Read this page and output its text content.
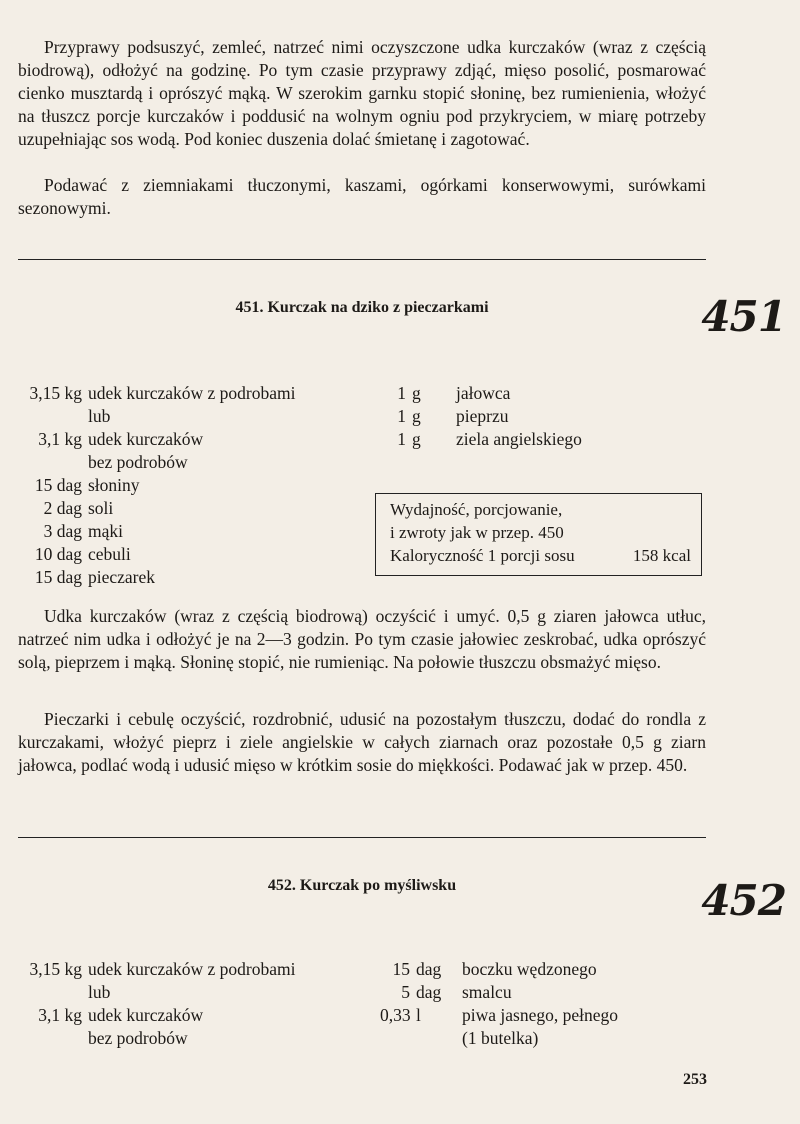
Przyprawy podsuszyć, zemleć, natrzeć nimi oczyszczone udka kurczaków (wraz z częścią biodrową), odłożyć na godzinę. Po tym czasie przyprawy zdjąć, mięso posolić, posmarować cienko musztardą i oprószyć mąką. W szerokim garnku stopić słoninę, bez rumienienia, włożyć na tłuszcz porcje kurczaków i poddusić na wolnym ogniu pod przykryciem, w miarę potrzeby uzupełniając sos wodą. Pod koniec duszenia dolać śmietanę i zagotować.

Podawać z ziemniakami tłuczonymi, kaszami, ogórkami konserwowymi, surówkami sezonowymi.

451. Kurczak na dziko z pieczarkami	451
3,15 kg udek kurczaków z podrobami
lub
3,1 kg udek kurczaków
bez podrobów
15 dag słoniny
2 dag soli
3 dag mąki
10 dag cebuli
15 dag pieczarek
1 g	jałowca
1 g	pieprzu
1 g	ziela angielskiego
Wydajność, porcjowanie,
i zwroty jak w przep. 450
Kaloryczność 1 porcji sosu	158 kcal

Udka kurczaków (wraz z częścią biodrową) oczyścić i umyć. 0,5 g ziaren jałowca utłuc, natrzeć nim udka i odłożyć je na 2—3 godzin. Po tym czasie jałowiec zeskrobać, udka oprószyć solą, pieprzem i mąką. Słoninę stopić, nie rumieniąc. Na połowie tłuszczu obsmażyć mięso.

Pieczarki i cebulę oczyścić, rozdrobnić, udusić na pozostałym tłuszczu, dodać do rondla z kurczakami, włożyć pieprz i ziele angielskie w całych ziarnach oraz pozostałe 0,5 g ziarn jałowca, podlać wodą i udusić mięso w krótkim sosie do miękkości. Podawać jak w przep. 450.

452. Kurczak po myśliwsku	452
3,15 kg udek kurczaków z podrobami
lub
3,1 kg udek kurczaków
bez podrobów
15 dag	boczku wędzonego
5 dag	smalcu
0,33 l	piwa jasnego, pełnego
(1 butelka)
253
